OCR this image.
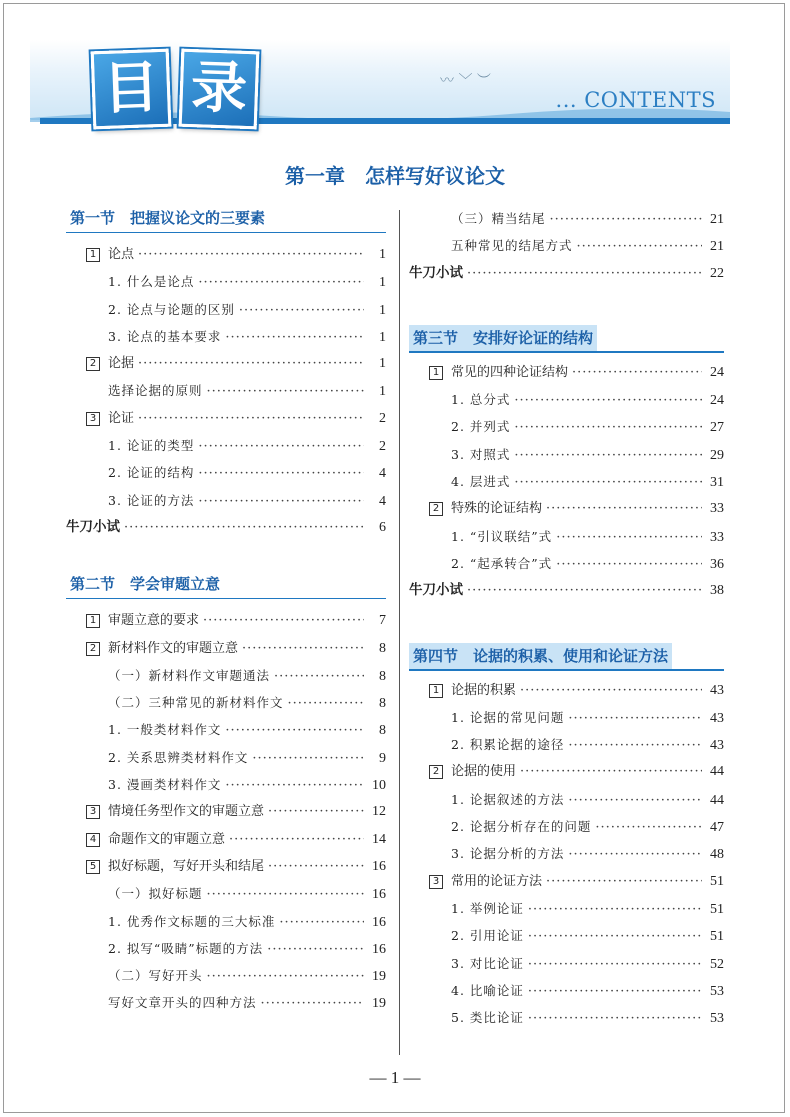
〰 ﹀ ︶
目 录	... CONTENTS
第一章　怎样写好议论文
第一节　把握议论文的三要素
1 论点 ·····	1
1. 什么是论点 ·····	1
2. 论点与论题的区别 ·····	1
3. 论点的基本要求 ·····	1
2 论据 ·····	1
选择论据的原则 ·····	1
3 论证 ·····	2
1. 论证的类型 ·····	2
2. 论证的结构 ·····	4
3. 论证的方法 ·····	4
牛刀小试 ·····	6
第二节　学会审题立意
1 审题立意的要求 ·····	7
2 新材料作文的审题立意 ·····	8
（一）新材料作文审题通法 ·····	8
（二）三种常见的新材料作文 ·····	8
1. 一般类材料作文 ·····	8
2. 关系思辨类材料作文 ·····	9
3. 漫画类材料作文 ·····	10
3 情境任务型作文的审题立意 ·····	12
4 命题作文的审题立意 ·····	14
5 拟好标题，写好开头和结尾 ·····	16
（一）拟好标题 ·····	16
1. 优秀作文标题的三大标准 ·····	16
2. 拟写“吸睛”标题的方法 ·····	16
（二）写好开头 ·····	19
写好文章开头的四种方法 ·····	19
（三）精当结尾 ·····	21
五种常见的结尾方式 ·····	21
牛刀小试 ·····	22
第三节　安排好论证的结构
1 常见的四种论证结构 ·····	24
1. 总分式 ·····	24
2. 并列式 ·····	27
3. 对照式 ·····	29
4. 层进式 ·····	31
2 特殊的论证结构 ·····	33
1. “引议联结”式 ·····	33
2. “起承转合”式 ·····	36
牛刀小试 ·····	38
第四节　论据的积累、使用和论证方法
1 论据的积累 ·····	43
1. 论据的常见问题 ·····	43
2. 积累论据的途径 ·····	43
2 论据的使用 ·····	44
1. 论据叙述的方法 ·····	44
2. 论据分析存在的问题 ·····	47
3. 论据分析的方法 ·····	48
3 常用的论证方法 ·····	51
1. 举例论证 ·····	51
2. 引用论证 ·····	51
3. 对比论证 ·····	52
4. 比喻论证 ·····	53
5. 类比论证 ·····	53
— 1 —
